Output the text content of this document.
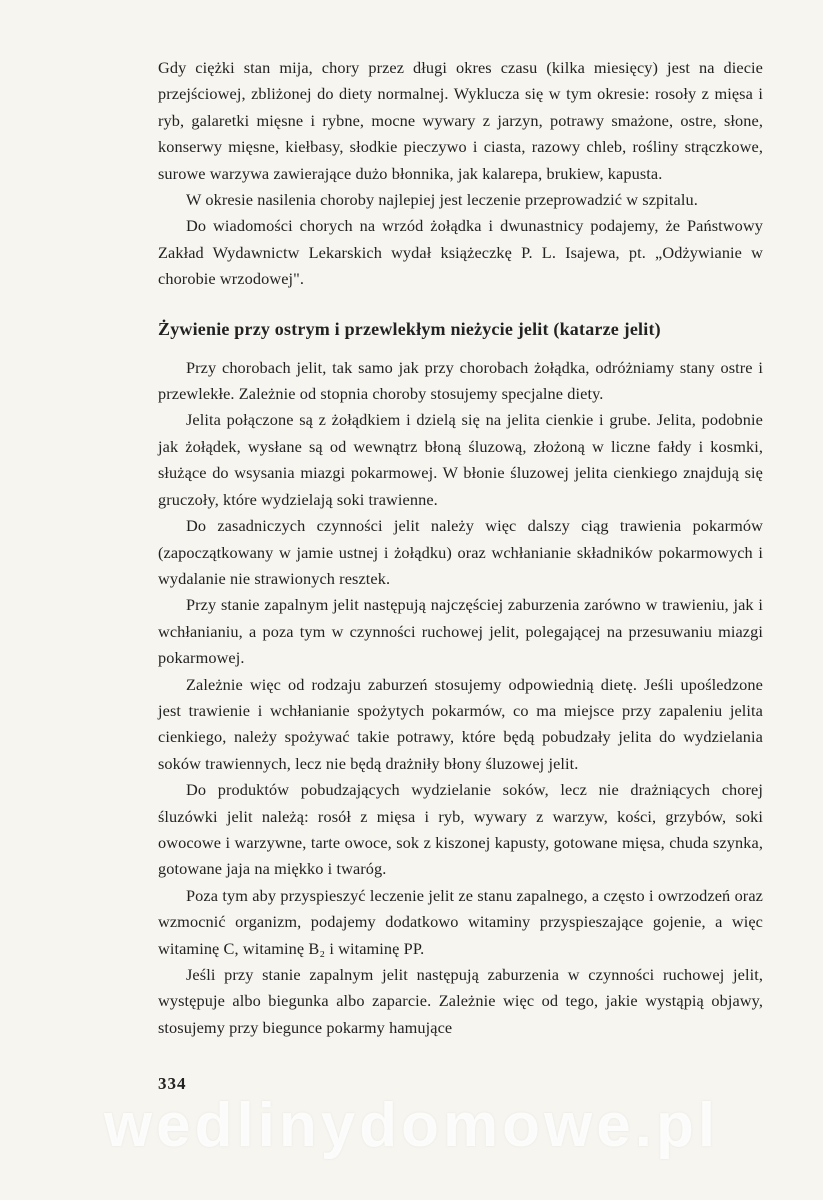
Gdy ciężki stan mija, chory przez długi okres czasu (kilka miesięcy) jest na diecie przejściowej, zbliżonej do diety normalnej. Wyklucza się w tym okresie: rosoły z mięsa i ryb, galaretki mięsne i rybne, mocne wywary z jarzyn, potrawy smażone, ostre, słone, konserwy mięsne, kiełbasy, słodkie pieczywo i ciasta, razowy chleb, rośliny strączkowe, surowe warzywa zawierające dużo błonnika, jak kalarepa, brukiew, kapusta.

W okresie nasilenia choroby najlepiej jest leczenie przeprowadzić w szpitalu.

Do wiadomości chorych na wrzód żołądka i dwunastnicy podajemy, że Państwowy Zakład Wydawnictw Lekarskich wydał książeczkę P. L. Isajewa, pt. „Odżywianie w chorobie wrzodowej".

Żywienie przy ostrym i przewlekłym nieżycie jelit (katarze jelit)

Przy chorobach jelit, tak samo jak przy chorobach żołądka, odróżniamy stany ostre i przewlekłe. Zależnie od stopnia choroby stosujemy specjalne diety.

Jelita połączone są z żołądkiem i dzielą się na jelita cienkie i grube. Jelita, podobnie jak żołądek, wysłane są od wewnątrz błoną śluzową, złożoną w liczne fałdy i kosmki, służące do wsysania miazgi pokarmowej. W błonie śluzowej jelita cienkiego znajdują się gruczoły, które wydzielają soki trawienne.

Do zasadniczych czynności jelit należy więc dalszy ciąg trawienia pokarmów (zapoczątkowany w jamie ustnej i żołądku) oraz wchłanianie składników pokarmowych i wydalanie nie strawionych resztek.

Przy stanie zapalnym jelit następują najczęściej zaburzenia zarówno w trawieniu, jak i wchłanianiu, a poza tym w czynności ruchowej jelit, polegającej na przesuwaniu miazgi pokarmowej.

Zależnie więc od rodzaju zaburzeń stosujemy odpowiednią dietę. Jeśli upośledzone jest trawienie i wchłanianie spożytych pokarmów, co ma miejsce przy zapaleniu jelita cienkiego, należy spożywać takie potrawy, które będą pobudzały jelita do wydzielania soków trawiennych, lecz nie będą drażniły błony śluzowej jelit.

Do produktów pobudzających wydzielanie soków, lecz nie drażniących chorej śluzówki jelit należą: rosół z mięsa i ryb, wywary z warzyw, kości, grzybów, soki owocowe i warzywne, tarte owoce, sok z kiszonej kapusty, gotowane mięsa, chuda szynka, gotowane jaja na miękko i twaróg.

Poza tym aby przyspieszyć leczenie jelit ze stanu zapalnego, a często i owrzodzeń oraz wzmocnić organizm, podajemy dodatkowo witaminy przyspieszające gojenie, a więc witaminę C, witaminę B₂ i witaminę PP.

Jeśli przy stanie zapalnym jelit następują zaburzenia w czynności ruchowej jelit, występuje albo biegunka albo zaparcie. Zależnie więc od tego, jakie wystąpią objawy, stosujemy przy biegunce pokarmy hamujące

334
wedlinydomowe.pl
